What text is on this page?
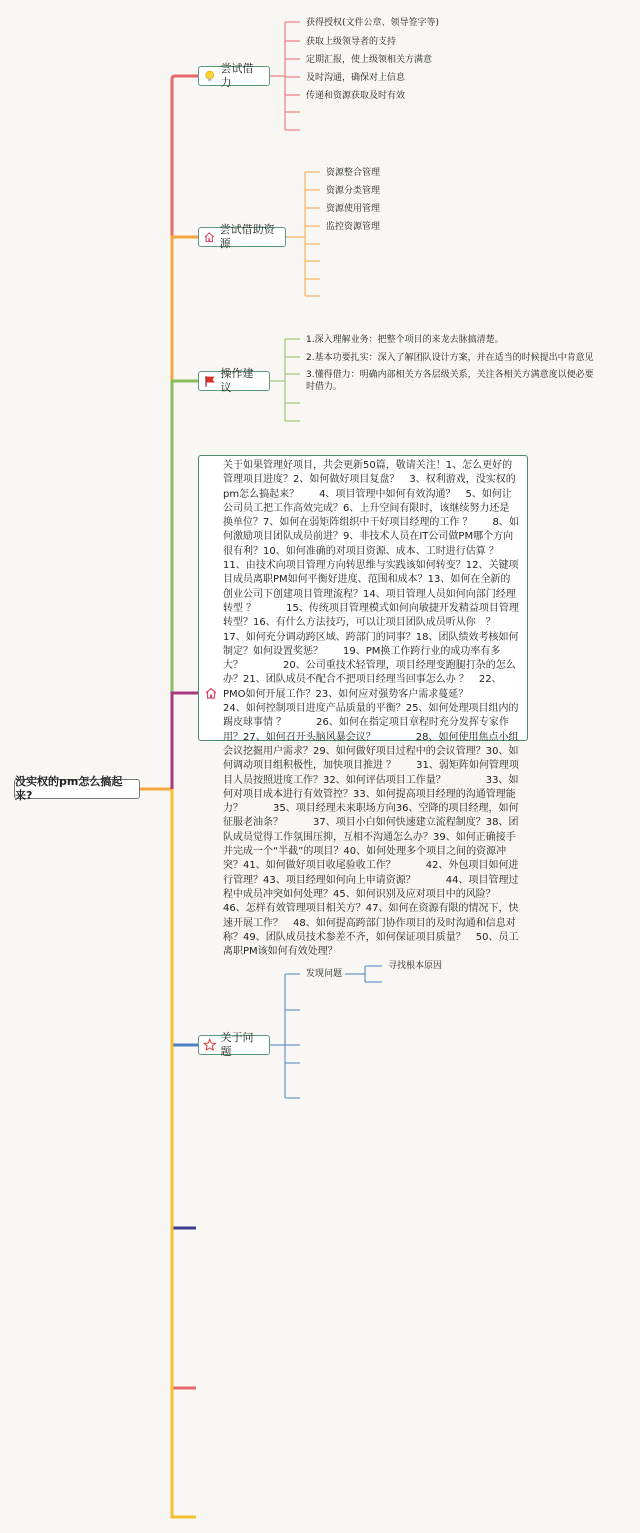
没实权的pm怎么搞起来?
尝试借力
获得授权(文件公章、领导签字等)
获取上级领导者的支持
定期汇报，使上级领相关方满意
及时沟通，确保对上信息
传递和资源获取及时有效
尝试借助资源
资源整合管理
资源分类管理
资源使用管理
监控资源管理
操作建议
1.深入理解业务：把整个项目的来龙去脉搞清楚。
2.基本功要扎实：深入了解团队设计方案，并在适当的时候提出中肯意见
3.懂得借力：明确内部相关方各层级关系，关注各相关方满意度以便必要时借力。
关于如果管理好项目，共会更新50篇，敬请关注！1、怎么更好的管理项目进度？2、如何做好项目复盘？　3、权利游戏，没实权的pm怎么搞起来？　　4、项目管理中如何有效沟通？　5、如何让公司员工把工作高效完成？6、上升空间有限时，该继续努力还是换单位？7、如何在弱矩阵组织中干好项目经理的工作 ？　　8、如何激励项目团队成员前进？9、非技术人员在IT公司做PM哪个方向很有利？10、如何准确的对项目资源、成本、工时进行估算 ？　11、由技术向项目管理方向转思维与实践该如何转变？12、关键项目成员离职PM如何平衡好进度、范围和成本？13、如何在全新的创业公司下创建项目管理流程？14、项目管理人员如何向部门经理转型 ？　　　15、传统项目管理模式如何向敏捷开发精益项目管理转型？16、有什么方法技巧，可以让项目团队成员听从你　？　17、如何充分调动跨区域、跨部门的同事？18、团队绩效考核如何制定？如何设置奖惩？　　19、PM换工作跨行业的成功率有多大？　　　　20、公司重技术轻管理，项目经理变跑腿打杂的怎么办？21、团队成员不配合不把项目经理当回事怎么办 ？　22、PMO如何开展工作？23、如何应对强势客户需求蔓延？　　　　24、如何控制项目进度产品质量的平衡？25、如何处理项目组内的踢皮球事情 ？　　　26、如何在指定项目章程时充分发挥专家作用？27、如何召开头脑风暴会议？　　　　28、如何使用焦点小组会议挖掘用户需求？29、如何做好项目过程中的会议管理？30、如何调动项目组积极性，加快项目推进 ？　　31、弱矩阵如何管理项目人员按照进度工作？32、如何评估项目工作量？　　　　33、如何对项目成本进行有效管控？33、如何提高项目经理的沟通管理能力？　　　35、项目经理未来职场方向36、空降的项目经理，如何征服老油条？　　　37、项目小白如何快速建立流程制度？38、团队成员觉得工作氛围压抑，互相不沟通怎么办？39、如何正确接手并完成一个“半截”的项目？40、如何处理多个项目之间的资源冲突？41、如何做好项目收尾验收工作？　　　42、外包项目如何进行管理？43、项目经理如何向上申请资源？　　　44、项目管理过程中成员冲突如何处理？45、如何识别及应对项目中的风险？　　　46、怎样有效管理项目相关方？47、如何在资源有限的情况下，快速开展工作？　48、如何提高跨部门协作项目的及时沟通和信息对称？49、团队成员技术参差不齐，如何保证项目质量？　50、员工离职PM该如何有效处理？
关于问题
发现问题
寻找根本原因
